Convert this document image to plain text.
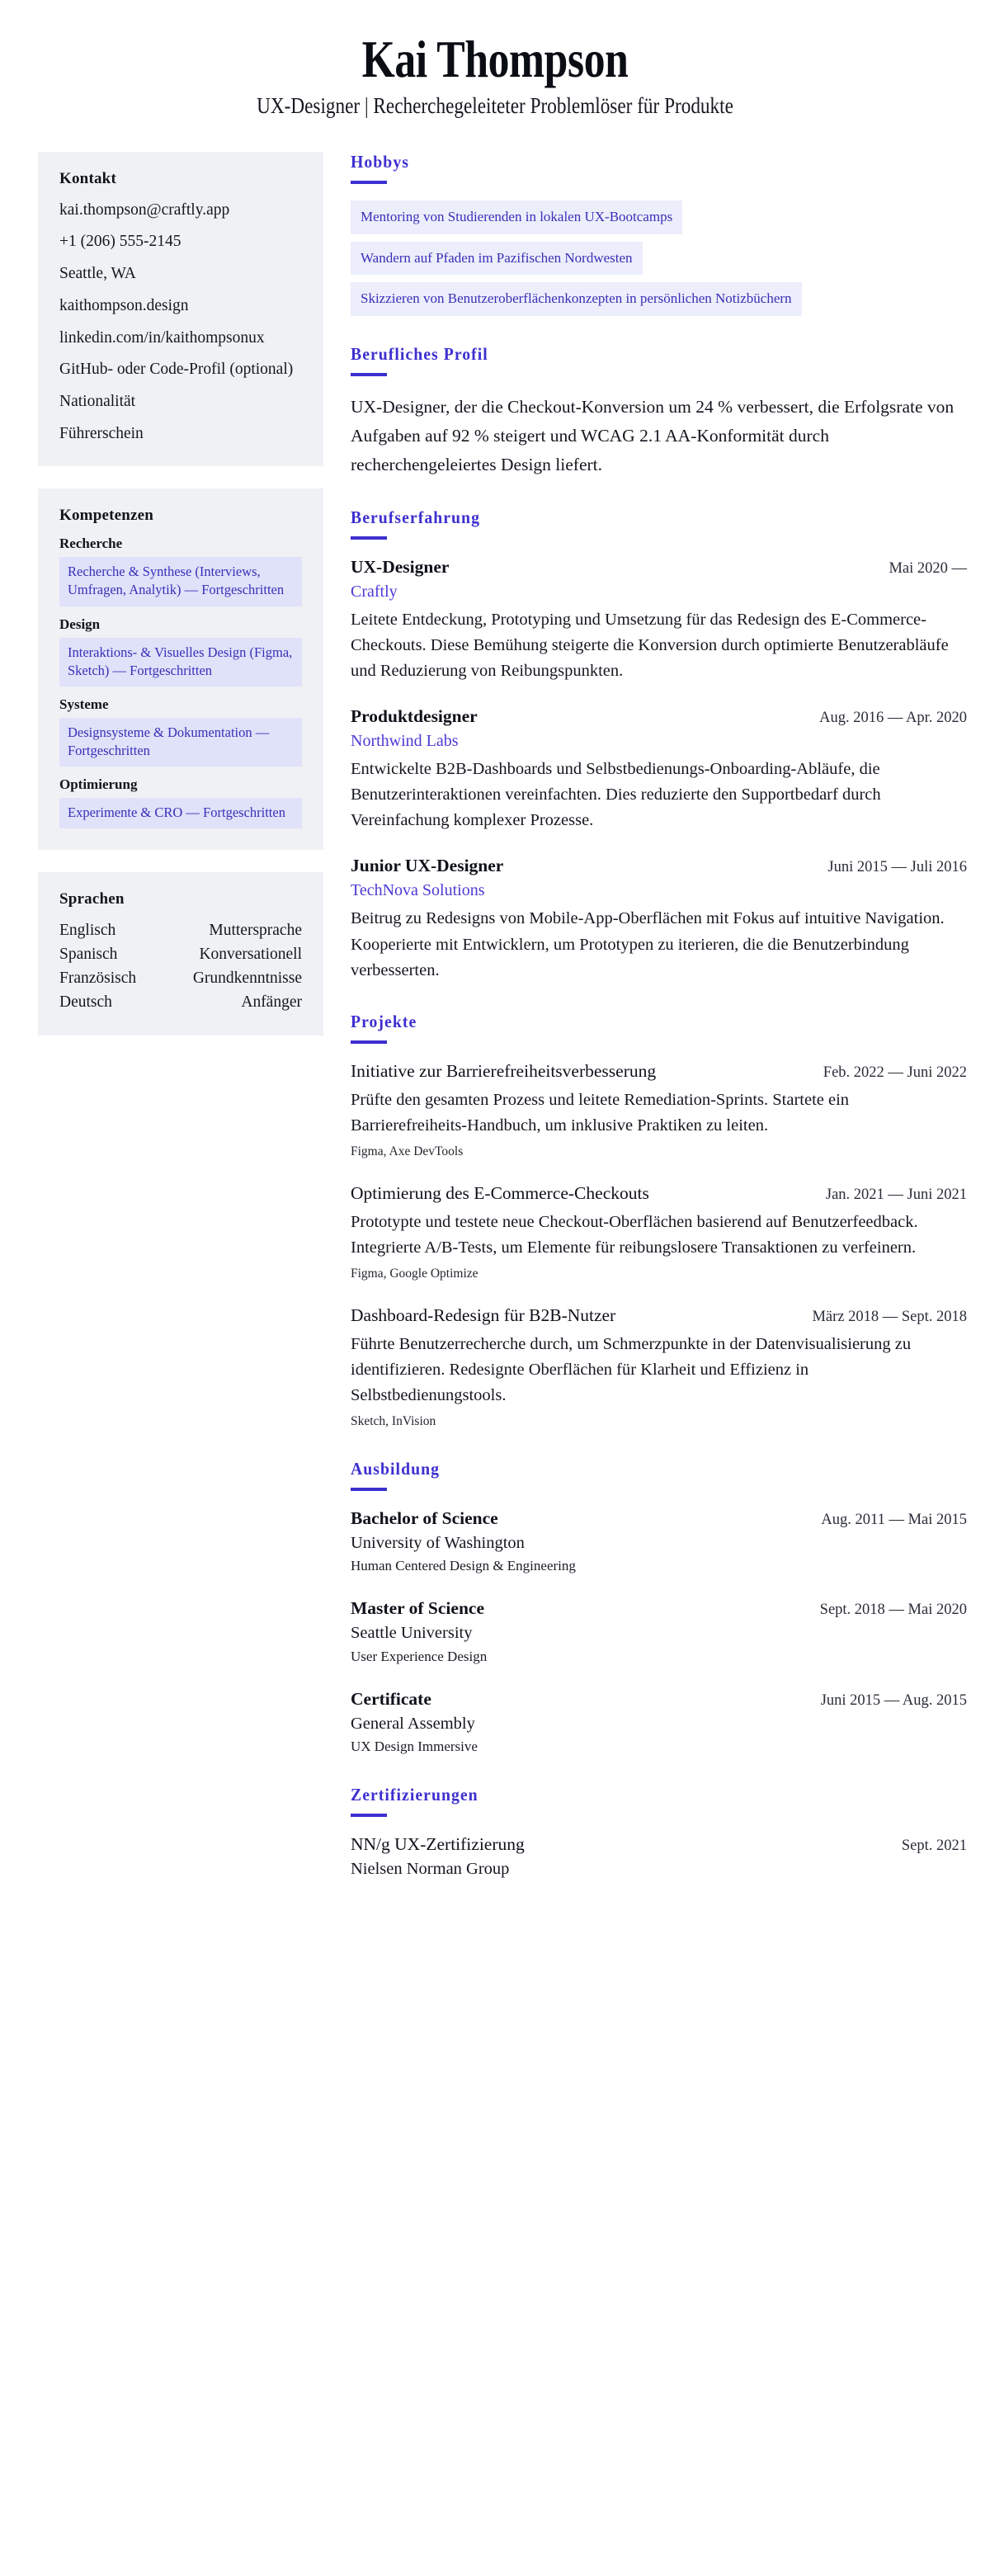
Kai Thompson
UX-Designer | Recherchegeleiteter Problemlöser für Produkte
Kontakt
kai.thompson@craftly.app
+1 (206) 555-2145
Seattle, WA
kaithompson.design
linkedin.com/in/kaithompsonux
GitHub- oder Code-Profil (optional)
Nationalität
Führerschein
Kompetenzen
Recherche
Recherche & Synthese (Interviews, Umfragen, Analytik) — Fortgeschritten
Design
Interaktions- & Visuelles Design (Figma, Sketch) — Fortgeschritten
Systeme
Designsysteme & Dokumentation — Fortgeschritten
Optimierung
Experimente & CRO — Fortgeschritten
Sprachen
Englisch	Muttersprache
Spanisch	Konversationell
Französisch	Grundkenntnisse
Deutsch	Anfänger
Hobbys
Mentoring von Studierenden in lokalen UX-Bootcamps
Wandern auf Pfaden im Pazifischen Nordwesten
Skizzieren von Benutzeroberflächenkonzepten in persönlichen Notizbüchern
Berufliches Profil

UX-Designer, der die Checkout-Konversion um 24 % verbessert, die Erfolgsrate von Aufgaben auf 92 % steigert und WCAG 2.1 AA-Konformität durch recherchengeleiertes Design liefert.

Berufserfahrung
UX-Designer	Mai 2020 —
Craftly

Leitete Entdeckung, Prototyping und Umsetzung für das Redesign des E-Commerce-Checkouts. Diese Bemühung steigerte die Konversion durch optimierte Benutzerabläufe und Reduzierung von Reibungspunkten.

Produktdesigner	Aug. 2016 — Apr. 2020
Northwind Labs

Entwickelte B2B-Dashboards und Selbstbedienungs-Onboarding-Abläufe, die Benutzerinteraktionen vereinfachten. Dies reduzierte den Supportbedarf durch Vereinfachung komplexer Prozesse.

Junior UX-Designer	Juni 2015 — Juli 2016
TechNova Solutions

Beitrug zu Redesigns von Mobile-App-Oberflächen mit Fokus auf intuitive Navigation. Kooperierte mit Entwicklern, um Prototypen zu iterieren, die die Benutzerbindung verbesserten.

Projekte
Initiative zur Barrierefreiheitsverbesserung	Feb. 2022 — Juni 2022

Prüfte den gesamten Prozess und leitete Remediation-Sprints. Startete ein Barrierefreiheits-Handbuch, um inklusive Praktiken zu leiten.

Figma, Axe DevTools
Optimierung des E-Commerce-Checkouts	Jan. 2021 — Juni 2021

Prototypte und testete neue Checkout-Oberflächen basierend auf Benutzerfeedback. Integrierte A/B-Tests, um Elemente für reibungslosere Transaktionen zu verfeinern.

Figma, Google Optimize
Dashboard-Redesign für B2B-Nutzer	März 2018 — Sept. 2018

Führte Benutzerrecherche durch, um Schmerzpunkte in der Datenvisualisierung zu identifizieren. Redesignte Oberflächen für Klarheit und Effizienz in Selbstbedienungstools.

Sketch, InVision
Ausbildung
Bachelor of Science	Aug. 2011 — Mai 2015
University of Washington
Human Centered Design & Engineering
Master of Science	Sept. 2018 — Mai 2020
Seattle University
User Experience Design
Certificate	Juni 2015 — Aug. 2015
General Assembly
UX Design Immersive
Zertifizierungen
NN/g UX-Zertifizierung	Sept. 2021
Nielsen Norman Group
